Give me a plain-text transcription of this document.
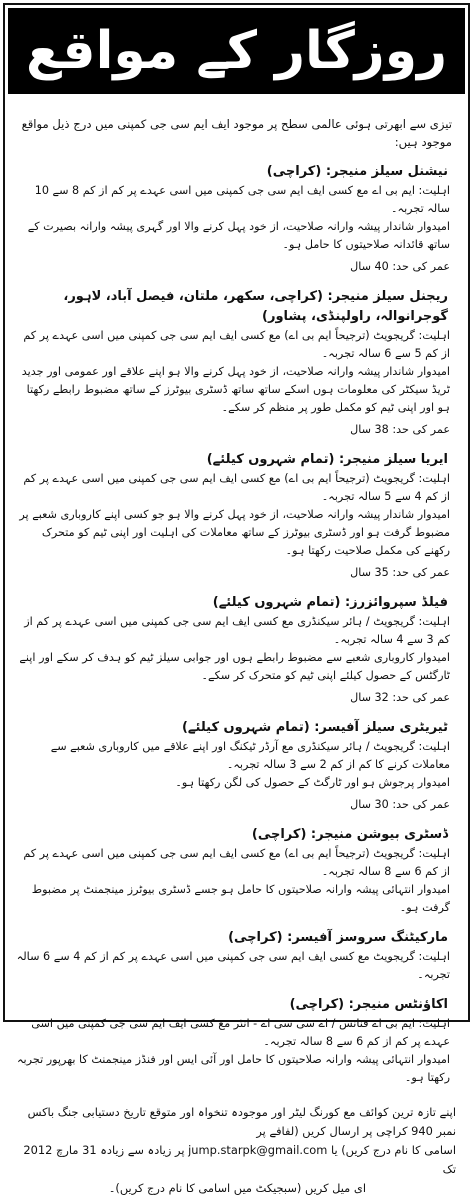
روزگار کے مواقع
تیزی سے ابھرتی ہوئی عالمی سطح پر موجود ایف ایم سی جی کمپنی میں درج ذیل مواقع موجود ہیں:
نیشنل سیلز منیجر: (کراچی)
اہلیت: ایم بی اے مع کسی ایف ایم سی جی کمپنی میں اسی عہدے پر کم از کم 8 سے 10 سالہ تجربہ۔
امیدوار شاندار پیشہ وارانہ صلاحیت، از خود پہل کرنے والا اور گہری پیشہ وارانہ بصیرت کے ساتھ قائدانہ صلاحیتوں کا حامل ہو۔
عمر کی حد: 40 سال
ریجنل سیلز منیجر: (کراچی، سکھر، ملتان، فیصل آباد، لاہور، گوجرانوالہ، راولپنڈی، پشاور)
اہلیت: گریجویٹ (ترجیحاً ایم بی اے) مع کسی ایف ایم سی جی کمپنی میں اسی عہدے پر کم از کم 5 سے 6 سالہ تجربہ۔
امیدوار شاندار پیشہ وارانہ صلاحیت، از خود پہل کرنے والا ہو اپنے علاقے اور عمومی اور جدید ٹریڈ سیکٹر کی معلومات ہوں اسکے ساتھ ساتھ ڈسٹری بیوٹرز کے ساتھ مضبوط رابطے رکھتا ہو اور اپنی ٹیم کو مکمل طور پر منظم کر سکے۔
عمر کی حد: 38 سال
ایریا سیلز منیجر: (تمام شہروں کیلئے)
اہلیت: گریجویٹ (ترجیحاً ایم بی اے) مع کسی ایف ایم سی جی کمپنی میں اسی عہدے پر کم از کم 4 سے 5 سالہ تجربہ۔
امیدوار شاندار پیشہ وارانہ صلاحیت، از خود پہل کرنے والا ہو جو کسی اپنے کاروباری شعبے پر مضبوط گرفت ہو اور ڈسٹری بیوٹرز کے ساتھ معاملات کی اہلیت اور اپنی ٹیم کو متحرک رکھنے کی مکمل صلاحیت رکھتا ہو۔
عمر کی حد: 35 سال
فیلڈ سپروائزرز: (تمام شہروں کیلئے)
اہلیت: گریجویٹ / ہائر سیکنڈری مع کسی ایف ایم سی جی کمپنی میں اسی عہدے پر کم از کم 3 سے 4 سالہ تجربہ۔
امیدوار کاروباری شعبے سے مضبوط رابطے ہوں اور جوابی سیلز ٹیم کو ہدف کر سکے اور اپنے ٹارگٹس کے حصول کیلئے اپنی ٹیم کو متحرک کر سکے۔
عمر کی حد: 32 سال
ٹیریٹری سیلز آفیسر: (تمام شہروں کیلئے)
اہلیت: گریجویٹ / ہائر سیکنڈری مع آرڈر ٹیکنگ اور اپنے علاقے میں کاروباری شعبے سے معاملات کرنے کا کم از کم 2 سے 3 سالہ تجربہ۔
امیدوار پرجوش ہو اور ٹارگٹ کے حصول کی لگن رکھتا ہو۔
عمر کی حد: 30 سال
ڈسٹری بیوشن منیجر: (کراچی)
اہلیت: گریجویٹ (ترجیحاً ایم بی اے) مع کسی ایف ایم سی جی کمپنی میں اسی عہدے پر کم از کم 6 سے 8 سالہ تجربہ۔
امیدوار انتہائی پیشہ وارانہ صلاحیتوں کا حامل ہو جسے ڈسٹری بیوٹرز مینجمنٹ پر مضبوط گرفت ہو۔
مارکیٹنگ سروسز آفیسر: (کراچی)
اہلیت: گریجویٹ مع کسی ایف ایم سی جی کمپنی میں اسی عہدے پر کم از کم 4 سے 6 سالہ تجربہ۔
اکاؤنٹس منیجر: (کراچی)
اہلیت: ایم بی اے فنانس / اے سی سی اے - انٹر مع کسی ایف ایم سی جی کمپنی میں اسی عہدے پر کم از کم 6 سے 8 سالہ تجربہ۔
امیدوار انتہائی پیشہ وارانہ صلاحیتوں کا حامل اور آئی ایس اور فنڈز مینجمنٹ کا بھرپور تجربہ رکھتا ہو۔
اپنے تازہ ترین کوائف مع کورنگ لیٹر اور موجودہ تنخواہ اور متوقع تاریخ دستیابی جنگ باکس نمبر 940 کراچی پر ارسال کریں (لفافے پر
اسامی کا نام درج کریں) یا jump.starpk@gmail.com پر زیادہ سے زیادہ 31 مارچ 2012 تک
ای میل کریں (سبجیکٹ میں اسامی کا نام درج کریں)۔
